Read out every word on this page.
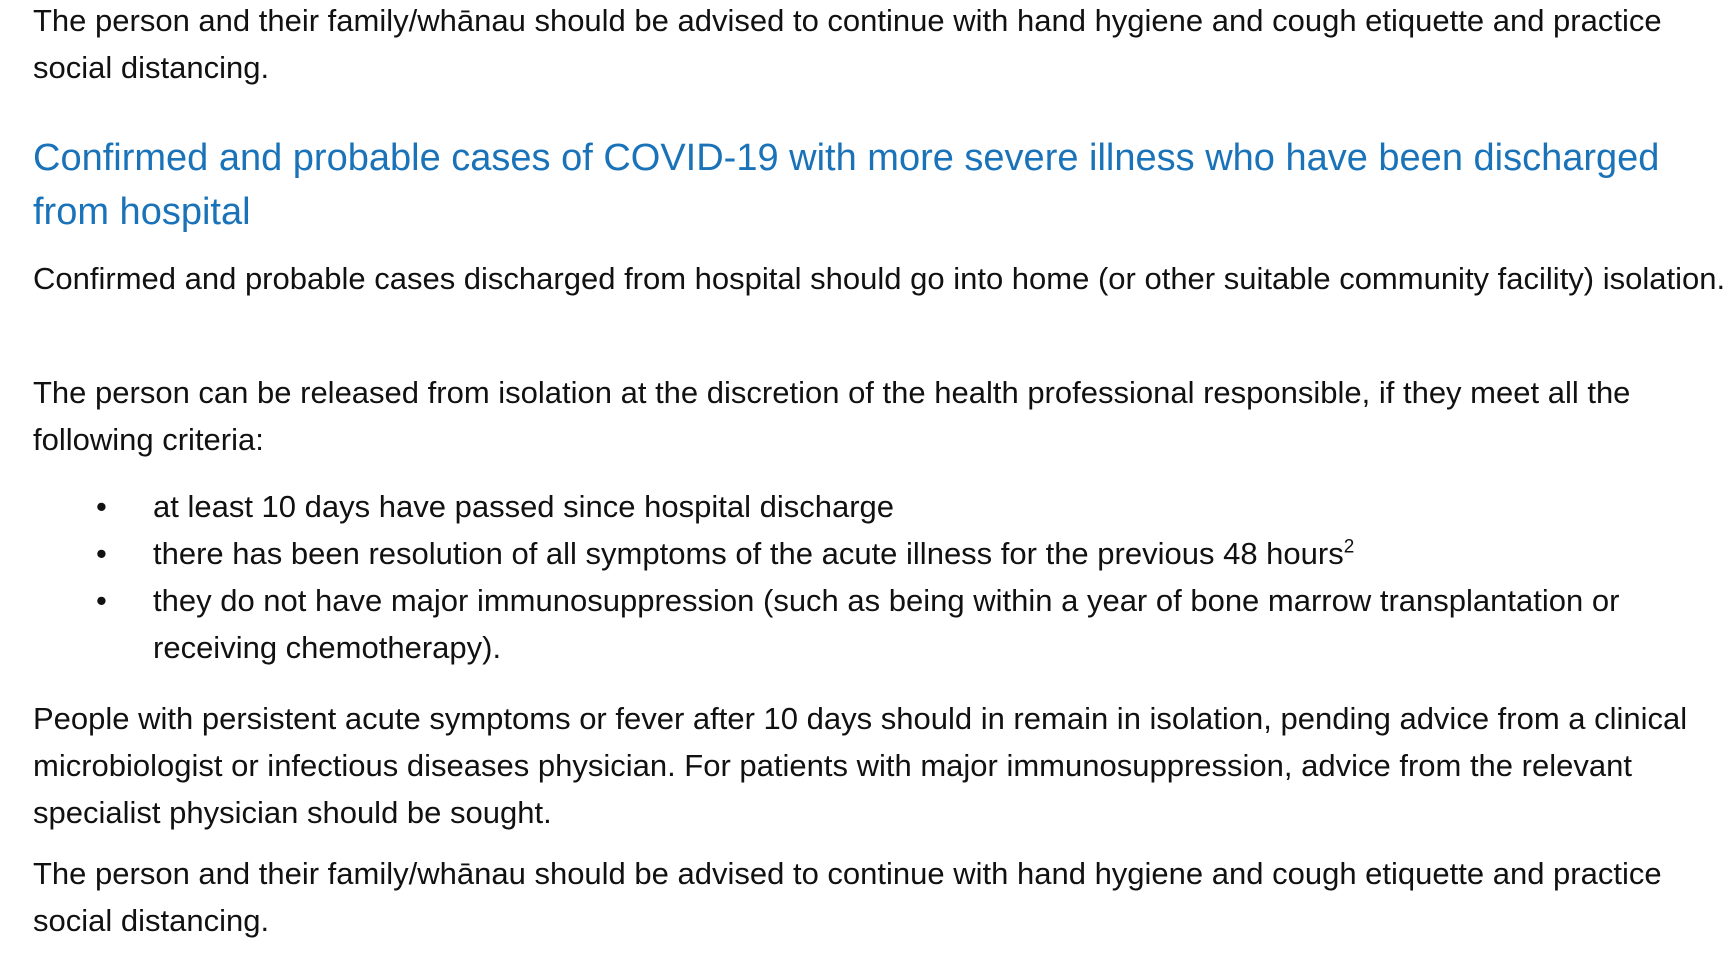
The person and their family/whānau should be advised to continue with hand hygiene and cough etiquette and practice social distancing.

Confirmed and probable cases of COVID-19 with more severe illness who have been discharged from hospital

Confirmed and probable cases discharged from hospital should go into home (or other suitable community facility) isolation.

The person can be released from isolation at the discretion of the health professional responsible, if they meet all the following criteria:

• at least 10 days have passed since hospital discharge
• there has been resolution of all symptoms of the acute illness for the previous 48 hours$^2$
• they do not have major immunosuppression (such as being within a year of bone marrow transplantation or receiving chemotherapy).

People with persistent acute symptoms or fever after 10 days should in remain in isolation, pending advice from a clinical microbiologist or infectious diseases physician. For patients with major immunosuppression, advice from the relevant specialist physician should be sought.

The person and their family/whānau should be advised to continue with hand hygiene and cough etiquette and practice social distancing.
